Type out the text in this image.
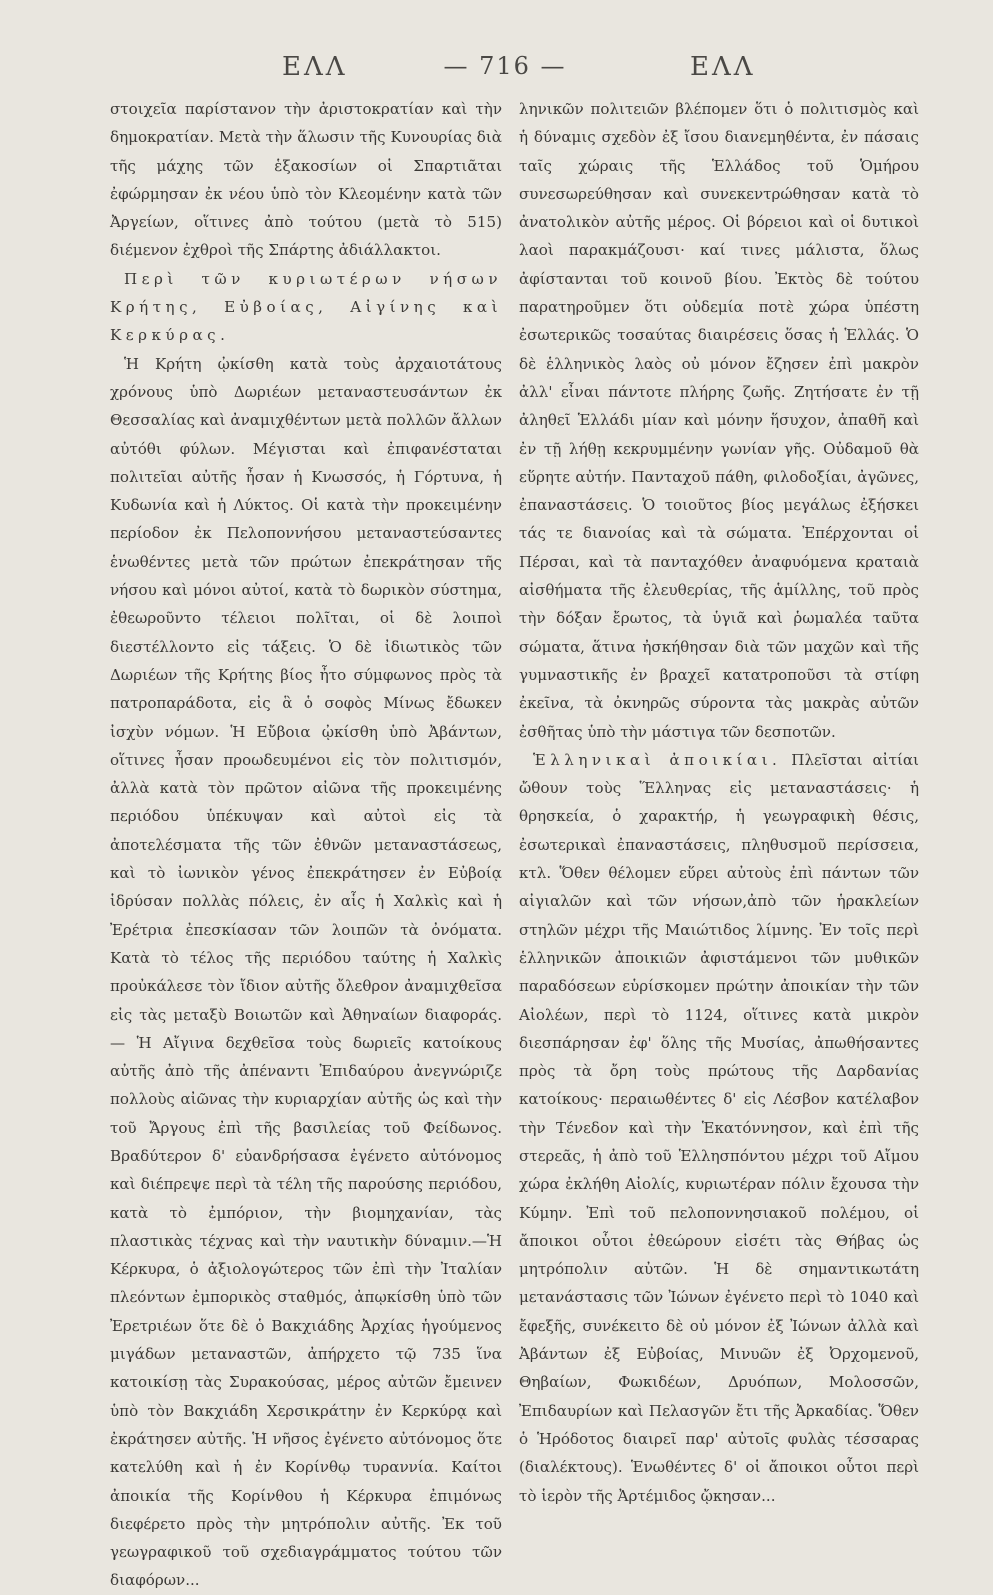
ΕΛΛ	— 716 —	ΕΛΛ

στοιχεῖα παρίστανον τὴν ἀριστοκρατίαν καὶ τὴν δημοκρατίαν. Μετὰ τὴν ἅλωσιν τῆς Κυνουρίας διὰ τῆς μάχης τῶν ἑξακοσίων οἱ Σπαρτιᾶται ἐφώρμησαν ἐκ νέου ὑπὸ τὸν Κλεομένην κατὰ τῶν Ἀργείων, οἵτινες ἀπὸ τούτου (μετὰ τὸ 515) διέμενον ἐχθροὶ τῆς Σπάρτης ἀδιάλλακτοι.

Περὶ τῶν κυριωτέρων νήσων Κρήτης, Εὐβοίας, Αἰγίνης καὶ Κερκύρας.

Ἡ Κρήτη ᾠκίσθη κατὰ τοὺς ἀρχαιοτάτους χρόνους ὑπὸ Δωριέων μεταναστευσάντων ἐκ Θεσσαλίας καὶ ἀναμιχθέντων μετὰ πολλῶν ἄλλων αὐτόθι φύλων. Μέγισται καὶ ἐπιφανέσταται πολιτεῖαι αὐτῆς ἦσαν ἡ Κνωσσός, ἡ Γόρτυνα, ἡ Κυδωνία καὶ ἡ Λύκτος. Οἱ κατὰ τὴν προκειμένην περίοδον ἐκ Πελοποννήσου μεταναστεύσαντες ἑνωθέντες μετὰ τῶν πρώτων ἐπεκράτησαν τῆς νήσου καὶ μόνοι αὐτοί, κατὰ τὸ δωρικὸν σύστημα, ἐθεωροῦντο τέλειοι πολῖται, οἱ δὲ λοιποὶ διεστέλλοντο εἰς τάξεις. Ὁ δὲ ἰδιωτικὸς τῶν Δωριέων τῆς Κρήτης βίος ἦτο σύμφωνος πρὸς τὰ πατροπαράδοτα, εἰς ἃ ὁ σοφὸς Μίνως ἔδωκεν ἰσχὺν νόμων. Ἡ Εὔβοια ᾠκίσθη ὑπὸ Ἀβάντων, οἵτινες ἦσαν προωδευμένοι εἰς τὸν πολιτισμόν, ἀλλὰ κατὰ τὸν πρῶτον αἰῶνα τῆς προκειμένης περιόδου ὑπέκυψαν καὶ αὐτοὶ εἰς τὰ ἀποτελέσματα τῆς τῶν ἐθνῶν μεταναστάσεως, καὶ τὸ ἰωνικὸν γένος ἐπεκράτησεν ἐν Εὐβοίᾳ ἱδρύσαν πολλὰς πόλεις, ἐν αἷς ἡ Χαλκὶς καὶ ἡ Ἐρέτρια ἐπεσκίασαν τῶν λοιπῶν τὰ ὀνόματα. Κατὰ τὸ τέλος τῆς περιόδου ταύτης ἡ Χαλκὶς προὐκάλεσε τὸν ἴδιον αὐτῆς ὄλεθρον ἀναμιχθεῖσα εἰς τὰς μεταξὺ Βοιωτῶν καὶ Ἀθηναίων διαφοράς.— Ἡ Αἴγινα δεχθεῖσα τοὺς δωριεῖς κατοίκους αὐτῆς ἀπὸ τῆς ἀπέναντι Ἐπιδαύρου ἀνεγνώριζε πολλοὺς αἰῶνας τὴν κυριαρχίαν αὐτῆς ὡς καὶ τὴν τοῦ Ἄργους ἐπὶ τῆς βασιλείας τοῦ Φείδωνος. Βραδύτερον δ' εὐανδρήσασα ἐγένετο αὐτόνομος καὶ διέπρεψε περὶ τὰ τέλη τῆς παρούσης περιόδου, κατὰ τὸ ἐμπόριον, τὴν βιομηχανίαν, τὰς πλαστικὰς τέχνας καὶ τὴν ναυτικὴν δύναμιν.—Ἡ Κέρκυρα, ὁ ἀξιολογώτερος τῶν ἐπὶ τὴν Ἰταλίαν πλεόντων ἐμπορικὸς σταθμός, ἀπῳκίσθη ὑπὸ τῶν Ἐρετριέων ὅτε δὲ ὁ Βακχιάδης Ἀρχίας ἡγούμενος μιγάδων μεταναστῶν, ἀπήρχετο τῷ 735 ἵνα κατοικίσῃ τὰς Συρακούσας, μέρος αὐτῶν ἔμεινεν ὑπὸ τὸν Βακχιάδη Χερσικράτην ἐν Κερκύρᾳ καὶ ἐκράτησεν αὐτῆς. Ἡ νῆσος ἐγένετο αὐτόνομος ὅτε κατελύθη καὶ ἡ ἐν Κορίνθῳ τυραννία. Καίτοι ἀποικία τῆς Κορίνθου ἡ Κέρκυρα ἐπιμόνως διεφέρετο πρὸς τὴν μητρόπολιν αὐτῆς. Ἐκ τοῦ γεωγραφικοῦ τοῦ σχεδιαγράμματος τούτου τῶν διαφόρων...

ληνικῶν πολιτειῶν βλέπομεν ὅτι ὁ πολιτισμὸς καὶ ἡ δύναμις σχεδὸν ἐξ ἴσου διανεμηθέντα, ἐν πάσαις ταῖς χώραις τῆς Ἑλλάδος τοῦ Ὁμήρου συνεσωρεύθησαν καὶ συνεκεντρώθησαν κατὰ τὸ ἀνατολικὸν αὐτῆς μέρος. Οἱ βόρειοι καὶ οἱ δυτικοὶ λαοὶ παρακμάζουσι· καί τινες μάλιστα, ὅλως ἀφίστανται τοῦ κοινοῦ βίου. Ἐκτὸς δὲ τούτου παρατηροῦμεν ὅτι οὐδεμία ποτὲ χώρα ὑπέστη ἐσωτερικῶς τοσαύτας διαιρέσεις ὅσας ἡ Ἑλλάς. Ὁ δὲ ἑλληνικὸς λαὸς οὐ μόνον ἔζησεν ἐπὶ μακρὸν ἀλλ' εἶναι πάντοτε πλήρης ζωῆς. Ζητήσατε ἐν τῇ ἀληθεῖ Ἑλλάδι μίαν καὶ μόνην ἥσυχον, ἀπαθῆ καὶ ἐν τῇ λήθῃ κεκρυμμένην γωνίαν γῆς. Οὐδαμοῦ θὰ εὕρητε αὐτήν. Πανταχοῦ πάθη, φιλοδοξίαι, ἀγῶνες, ἐπαναστάσεις. Ὁ τοιοῦτος βίος μεγάλως ἐξήσκει τάς τε διανοίας καὶ τὰ σώματα. Ἐπέρχονται οἱ Πέρσαι, καὶ τὰ πανταχόθεν ἀναφυόμενα κραταιὰ αἰσθήματα τῆς ἐλευθερίας, τῆς ἁμίλλης, τοῦ πρὸς τὴν δόξαν ἔρωτος, τὰ ὑγιᾶ καὶ ῥωμαλέα ταῦτα σώματα, ἅτινα ἠσκήθησαν διὰ τῶν μαχῶν καὶ τῆς γυμναστικῆς ἐν βραχεῖ κατατροποῦσι τὰ στίφη ἐκεῖνα, τὰ ὀκνηρῶς σύροντα τὰς μακρὰς αὐτῶν ἐσθῆτας ὑπὸ τὴν μάστιγα τῶν δεσποτῶν.

Ἑλληνικαὶ ἀποικίαι. Πλεῖσται αἰτίαι ὤθουν τοὺς Ἕλληνας εἰς μεταναστάσεις· ἡ θρησκεία, ὁ χαρακτήρ, ἡ γεωγραφικὴ θέσις, ἐσωτερικαὶ ἐπαναστάσεις, πληθυσμοῦ περίσσεια, κτλ. Ὅθεν θέλομεν εὕρει αὐτοὺς ἐπὶ πάντων τῶν αἰγιαλῶν καὶ τῶν νήσων,ἀπὸ τῶν ἡρακλείων στηλῶν μέχρι τῆς Μαιώτιδος λίμνης. Ἐν τοῖς περὶ ἑλληνικῶν ἀποικιῶν ἀφιστάμενοι τῶν μυθικῶν παραδόσεων εὑρίσκομεν πρώτην ἀποικίαν τὴν τῶν Αἰολέων, περὶ τὸ 1124, οἵτινες κατὰ μικρὸν διεσπάρησαν ἐφ' ὅλης τῆς Μυσίας, ἀπωθήσαντες πρὸς τὰ ὄρη τοὺς πρώτους τῆς Δαρδανίας κατοίκους· περαιωθέντες δ' εἰς Λέσβον κατέλαβον τὴν Τένεδον καὶ τὴν Ἑκατόννησον, καὶ ἐπὶ τῆς στερεᾶς, ἡ ἀπὸ τοῦ Ἑλλησπόντου μέχρι τοῦ Αἴμου χώρα ἐκλήθη Αἰολίς, κυριωτέραν πόλιν ἔχουσα τὴν Κύμην. Ἐπὶ τοῦ πελοποννησιακοῦ πολέμου, οἱ ἄποικοι οὗτοι ἐθεώρουν εἰσέτι τὰς Θήβας ὡς μητρόπολιν αὐτῶν. Ἡ δὲ σημαντικωτάτη μετανάστασις τῶν Ἰώνων ἐγένετο περὶ τὸ 1040 καὶ ἔφεξῆς, συνέκειτο δὲ οὐ μόνον ἐξ Ἰώνων ἀλλὰ καὶ Ἀβάντων ἐξ Εὐβοίας, Μινυῶν ἐξ Ὀρχομενοῦ, Θηβαίων, Φωκιδέων, Δρυόπων, Μολοσσῶν, Ἐπιδαυρίων καὶ Πελασγῶν ἔτι τῆς Ἀρκαδίας. Ὅθεν ὁ Ἡρόδοτος διαιρεῖ παρ' αὐτοῖς φυλὰς τέσσαρας (διαλέκτους). Ἑνωθέντες δ' οἱ ἄποικοι οὗτοι περὶ τὸ ἱερὸν τῆς Ἀρτέμιδος ᾤκησαν...
